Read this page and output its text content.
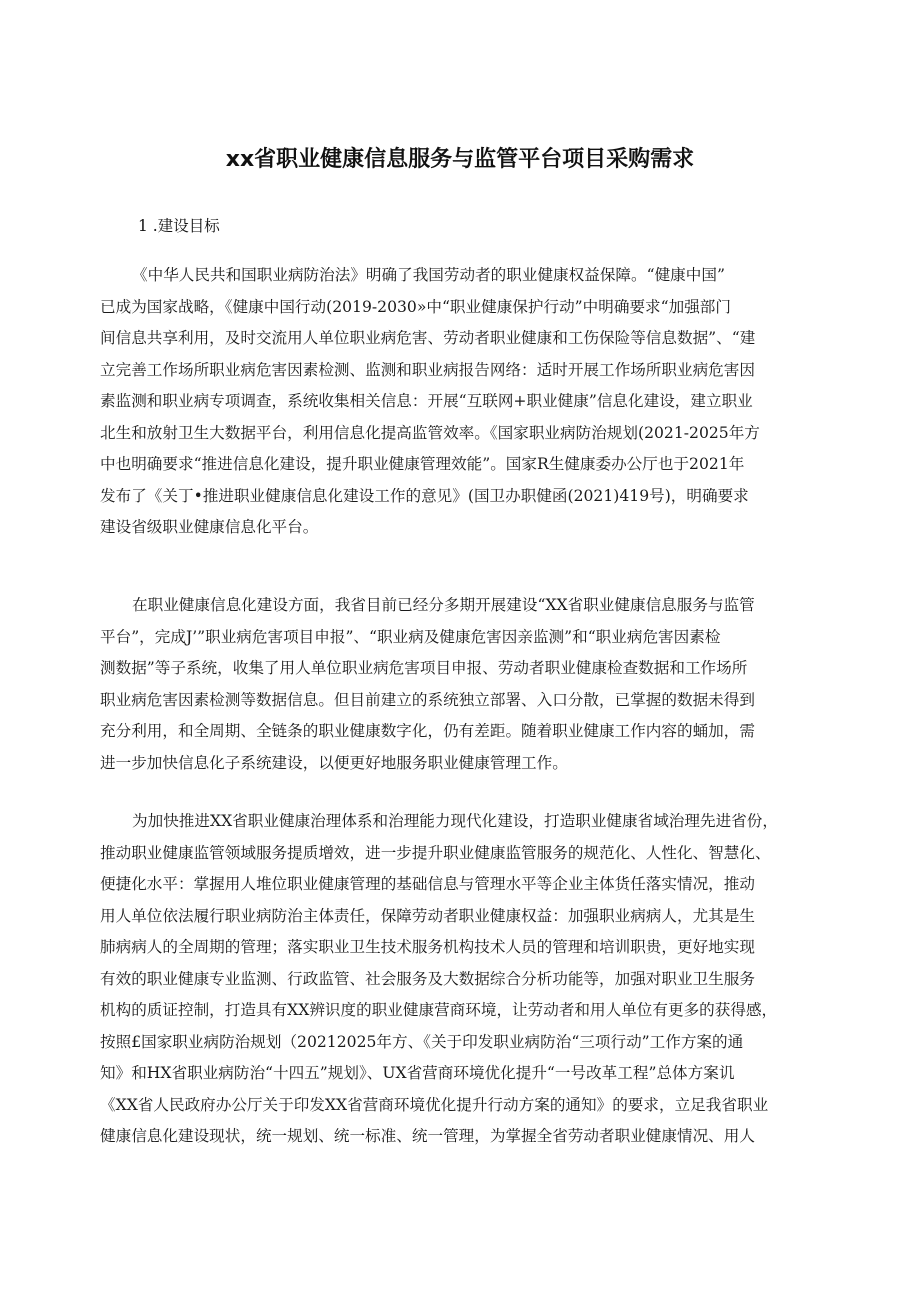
xx省职业健康信息服务与监管平台项目采购需求
1 .建设目标
《中华人民共和国职业病防治法》明确了我国劳动者的职业健康权益保障。“健康中国”
已成为国家战略，《健康中国行动(2019-2030»中“职业健康保护行动”中明确要求“加强部门
间信息共享利用，及时交流用人单位职业病危害、劳动者职业健康和工伤保险等信息数据”、“建
立完善工作场所职业病危害因素检测、监测和职业病报告网络：适时开展工作场所职业病危害因
素监测和职业病专项调查，系统收集相关信息：开展“互联网+职业健康”信息化建设，建立职业
北生和放射卫生大数据平台，利用信息化提高监管效率。《国家职业病防治规划(2021-2025年方
中也明确要求“推进信息化建设，提升职业健康管理效能”。国家R生健康委办公厅也于2021年
发布了《关丁•推进职业健康信息化建设工作的意见》(国卫办职健函(2021)419号)，明确要求
建设省级职业健康信息化平台。
在职业健康信息化建设方面，我省目前已经分多期开展建设“XX省职业健康信息服务与监管
平台”，完成J’”职业病危害项目申报”、“职业病及健康危害因亲监测”和“职业病危害因素检
测数据”等子系统，收集了用人单位职业病危害项目申报、劳动者职业健康检查数据和工作场所
职业病危害因素检测等数据信息。但目前建立的系统独立部署、入口分散，已掌握的数据未得到
充分利用，和全周期、全链条的职业健康数字化，仍有差距。随着职业健康工作内容的蛹加，需
进一步加快信息化子系统建设，以便更好地服务职业健康管理工作。
为加快推进XX省职业健康治理体系和治理能力现代化建设，打造职业健康省域治理先进省份，
推动职业健康监管领域服务提质增效，进一步提升职业健康监管服务的规范化、人性化、智慧化、
便捷化水平：掌握用人堆位职业健康管理的基础信息与管理水平等企业主体货任落实情况，推动
用人单位依法履行职业病防治主体责任，保障劳动者职业健康权益：加强职业病病人，尤其是生
肺病病人的全周期的管理；落实职业卫生技术服务机构技术人员的管理和培训职贵，更好地实现
有效的职业健康专业监测、行政监管、社会服务及大数据综合分析功能等，加强对职业卫生服务
机构的质证控制，打造具有XX辨识度的职业健康营商环境，让劳动者和用人单位有更多的获得感，
按照£国家职业病防治规划（20212025年方、《关于印发职业病防治“三项行动”工作方案的通
知》和HX省职业病防治“十四五”规划》、UX省营商环境优化提升“一号改革工程”总体方案讥
《XX省人民政府办公厅关于印发XX省营商环境优化提升行动方案的通知》的要求，立足我省职业
健康信息化建设现状，统一规划、统一标准、统一管理，为掌握全省劳动者职业健康情况、用人
